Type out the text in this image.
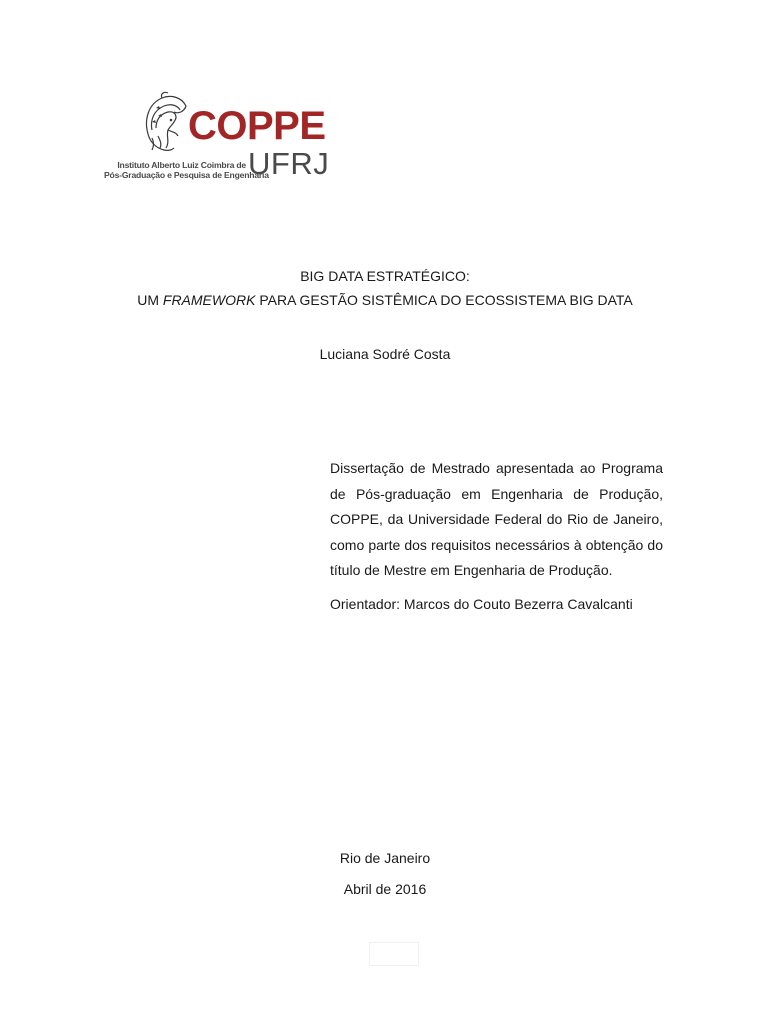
COPPE
Instituto Alberto Luiz Coimbra de
Pós-Graduação e Pesquisa de Engenharia
UFRJ
BIG DATA ESTRATÉGICO:
UM FRAMEWORK PARA GESTÃO SISTÊMICA DO ECOSSISTEMA BIG DATA
Luciana Sodré Costa
Dissertação de Mestrado apresentada ao Programa
de Pós-graduação em Engenharia de Produção,
COPPE, da Universidade Federal do Rio de Janeiro,
como parte dos requisitos necessários à obtenção do
título de Mestre em Engenharia de Produção.
Orientador: Marcos do Couto Bezerra Cavalcanti
Rio de Janeiro
Abril de 2016
